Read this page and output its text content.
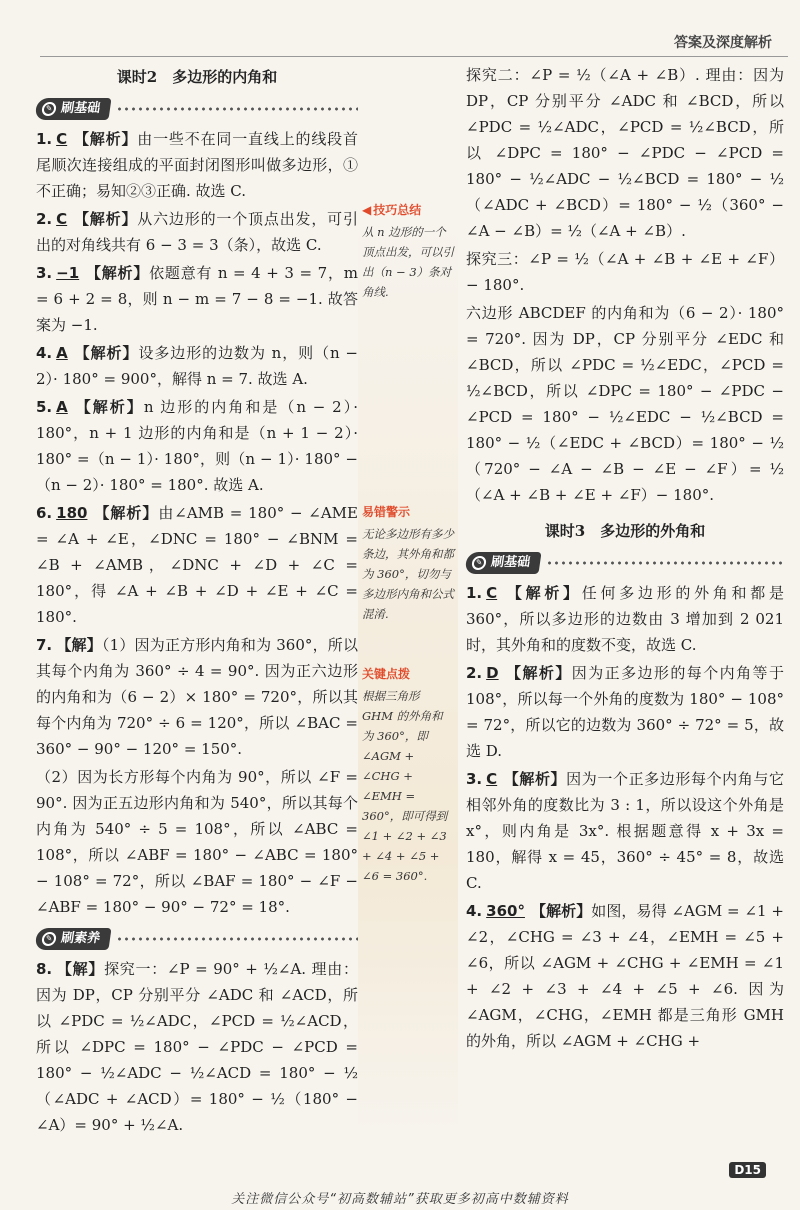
答案及深度解析
课时2　多边形的内角和
✎ 刷基础
1. C 【解析】由一些不在同一直线上的线段首尾顺次连接组成的平面封闭图形叫做多边形，①不正确；易知②③正确. 故选 C.
2. C 【解析】从六边形的一个顶点出发，可引出的对角线共有 6 − 3 = 3（条），故选 C.
3. −1 【解析】依题意有 n = 4 + 3 = 7，m = 6 + 2 = 8，则 n − m = 7 − 8 = −1. 故答案为 −1.
4. A 【解析】设多边形的边数为 n，则（n − 2）· 180° = 900°，解得 n = 7. 故选 A.
5. A 【解析】n 边形的内角和是（n − 2）· 180°，n + 1 边形的内角和是（n + 1 − 2）· 180° =（n − 1）· 180°，则（n − 1）· 180° −（n − 2）· 180° = 180°. 故选 A.
6. 180 【解析】由∠AMB = 180° − ∠AME = ∠A + ∠E，∠DNC = 180° − ∠BNM = ∠B + ∠AMB，∠DNC + ∠D + ∠C = 180°，得 ∠A + ∠B + ∠D + ∠E + ∠C = 180°.
7. 【解】（1）因为正方形内角和为 360°，所以其每个内角为 360° ÷ 4 = 90°. 因为正六边形的内角和为（6 − 2）× 180° = 720°，所以其每个内角为 720° ÷ 6 = 120°，所以 ∠BAC = 360° − 90° − 120° = 150°.
（2）因为长方形每个内角为 90°，所以 ∠F = 90°. 因为正五边形内角和为 540°，所以其每个内角为 540° ÷ 5 = 108°，所以 ∠ABC = 108°，所以 ∠ABF = 180° − ∠ABC = 180° − 108° = 72°，所以 ∠BAF = 180° − ∠F − ∠ABF = 180° − 90° − 72° = 18°.
✎ 刷素养
8. 【解】探究一：∠P = 90° + ½∠A. 理由：因为 DP，CP 分别平分 ∠ADC 和 ∠ACD，所以 ∠PDC = ½∠ADC，∠PCD = ½∠ACD，所以 ∠DPC = 180° − ∠PDC − ∠PCD = 180° − ½∠ADC − ½∠ACD = 180° − ½（∠ADC + ∠ACD）= 180° − ½（180° − ∠A）= 90° + ½∠A.
◀ 技巧总结
从 n 边形的一个顶点出发，可以引出（n − 3）条对角线.
易错警示
无论多边形有多少条边，其外角和都为 360°，切勿与多边形内角和公式混淆.
关键点拨
根据三角形 GHM 的外角和为 360°，即 ∠AGM + ∠CHG + ∠EMH = 360°，即可得到 ∠1 + ∠2 + ∠3 + ∠4 + ∠5 + ∠6 = 360°.
探究二：∠P = ½（∠A + ∠B）. 理由：因为 DP，CP 分别平分 ∠ADC 和 ∠BCD，所以 ∠PDC = ½∠ADC，∠PCD = ½∠BCD，所以 ∠DPC = 180° − ∠PDC − ∠PCD = 180° − ½∠ADC − ½∠BCD = 180° − ½（∠ADC + ∠BCD）= 180° − ½（360° − ∠A − ∠B）= ½（∠A + ∠B）.
探究三：∠P = ½（∠A + ∠B + ∠E + ∠F）− 180°.
六边形 ABCDEF 的内角和为（6 − 2）· 180° = 720°. 因为 DP，CP 分别平分 ∠EDC 和 ∠BCD，所以 ∠PDC = ½∠EDC，∠PCD = ½∠BCD，所以 ∠DPC = 180° − ∠PDC − ∠PCD = 180° − ½∠EDC − ½∠BCD = 180° − ½（∠EDC + ∠BCD）= 180° − ½（720° − ∠A − ∠B − ∠E − ∠F）= ½（∠A + ∠B + ∠E + ∠F）− 180°.
课时3　多边形的外角和
✎ 刷基础
1. C 【解析】任何多边形的外角和都是 360°，所以多边形的边数由 3 增加到 2 021 时，其外角和的度数不变，故选 C.
2. D 【解析】因为正多边形的每个内角等于 108°，所以每一个外角的度数为 180° − 108° = 72°，所以它的边数为 360° ÷ 72° = 5，故选 D.
3. C 【解析】因为一个正多边形每个内角与它相邻外角的度数比为 3 : 1，所以设这个外角是 x°，则内角是 3x°. 根据题意得 x + 3x = 180，解得 x = 45，360° ÷ 45° = 8，故选 C.
4. 360° 【解析】如图，易得 ∠AGM = ∠1 + ∠2，∠CHG = ∠3 + ∠4，∠EMH = ∠5 + ∠6，所以 ∠AGM + ∠CHG + ∠EMH = ∠1 + ∠2 + ∠3 + ∠4 + ∠5 + ∠6. 因为 ∠AGM，∠CHG，∠EMH 都是三角形 GMH 的外角，所以 ∠AGM + ∠CHG +
D15
关注微信公众号“初高数辅站”获取更多初高中数辅资料
